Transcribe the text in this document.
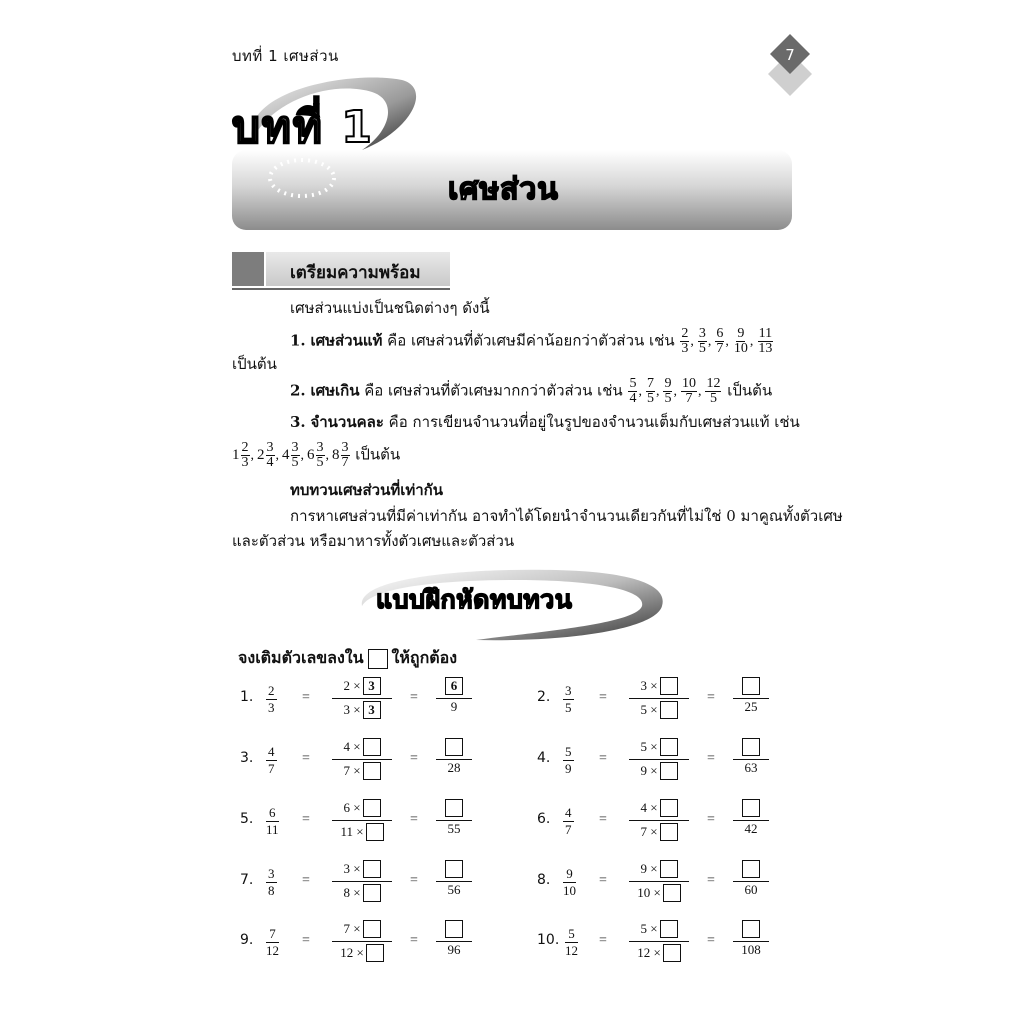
บทที่ 1 เศษส่วน	7
บทที่ 1
เศษส่วน
เตรียมความพร้อม
เศษส่วนแบ่งเป็นชนิดต่างๆ ดังนี้
1. เศษส่วนแท้ คือ เศษส่วนที่ตัวเศษมีค่าน้อยกว่าตัวส่วน เช่น $\frac{2}{3}$ , $\frac{3}{5}$ , $\frac{6}{7}$ , $\frac{9}{10}$ , $\frac{11}{13}$
เป็นต้น
2. เศษเกิน คือ เศษส่วนที่ตัวเศษมากกว่าตัวส่วน เช่น $\frac{5}{4}$ , $\frac{7}{5}$ , $\frac{9}{5}$ , $\frac{10}{7}$ , $\frac{12}{5}$ เป็นต้น
3. จำนวนคละ คือ การเขียนจำนวนที่อยู่ในรูปของจำนวนเต็มกับเศษส่วนแท้ เช่น
$1 \frac{2}{3}$ , $2 \frac{3}{4}$ , $4 \frac{3}{5}$ , $6 \frac{3}{5}$ , $8 \frac{3}{7}$ เป็นต้น
ทบทวนเศษส่วนที่เท่ากัน
การหาเศษส่วนที่มีค่าเท่ากัน อาจทำได้โดยนำจำนวนเดียวกันที่ไม่ใช่ 0 มาคูณทั้งตัวเศษ
และตัวส่วน หรือมาหารทั้งตัวเศษและตัวส่วน
แบบฝึกหัดทบทวน
จงเติมตัวเลขลงใน ให้ถูกต้อง
1. 2
3
=
2 × 3
3 × 3
=
6
9
2. 3
5
=
3 ×
5 ×
=
25
3. 4
7
=
4 ×
7 ×
=
28
4. 5
9
=
5 ×
9 ×
=
63
5. 6
11
=
6 ×
11 ×
=
55
6. 4
7
=
4 ×
7 ×
=
42
7. 3
8
=
3 ×
8 ×
=
56
8. 9
10
=
9 ×
10 ×
=
60
9. 7
12
=
7 ×
12 ×
=
96
10. 5
12
=
5 ×
12 ×
=
108
